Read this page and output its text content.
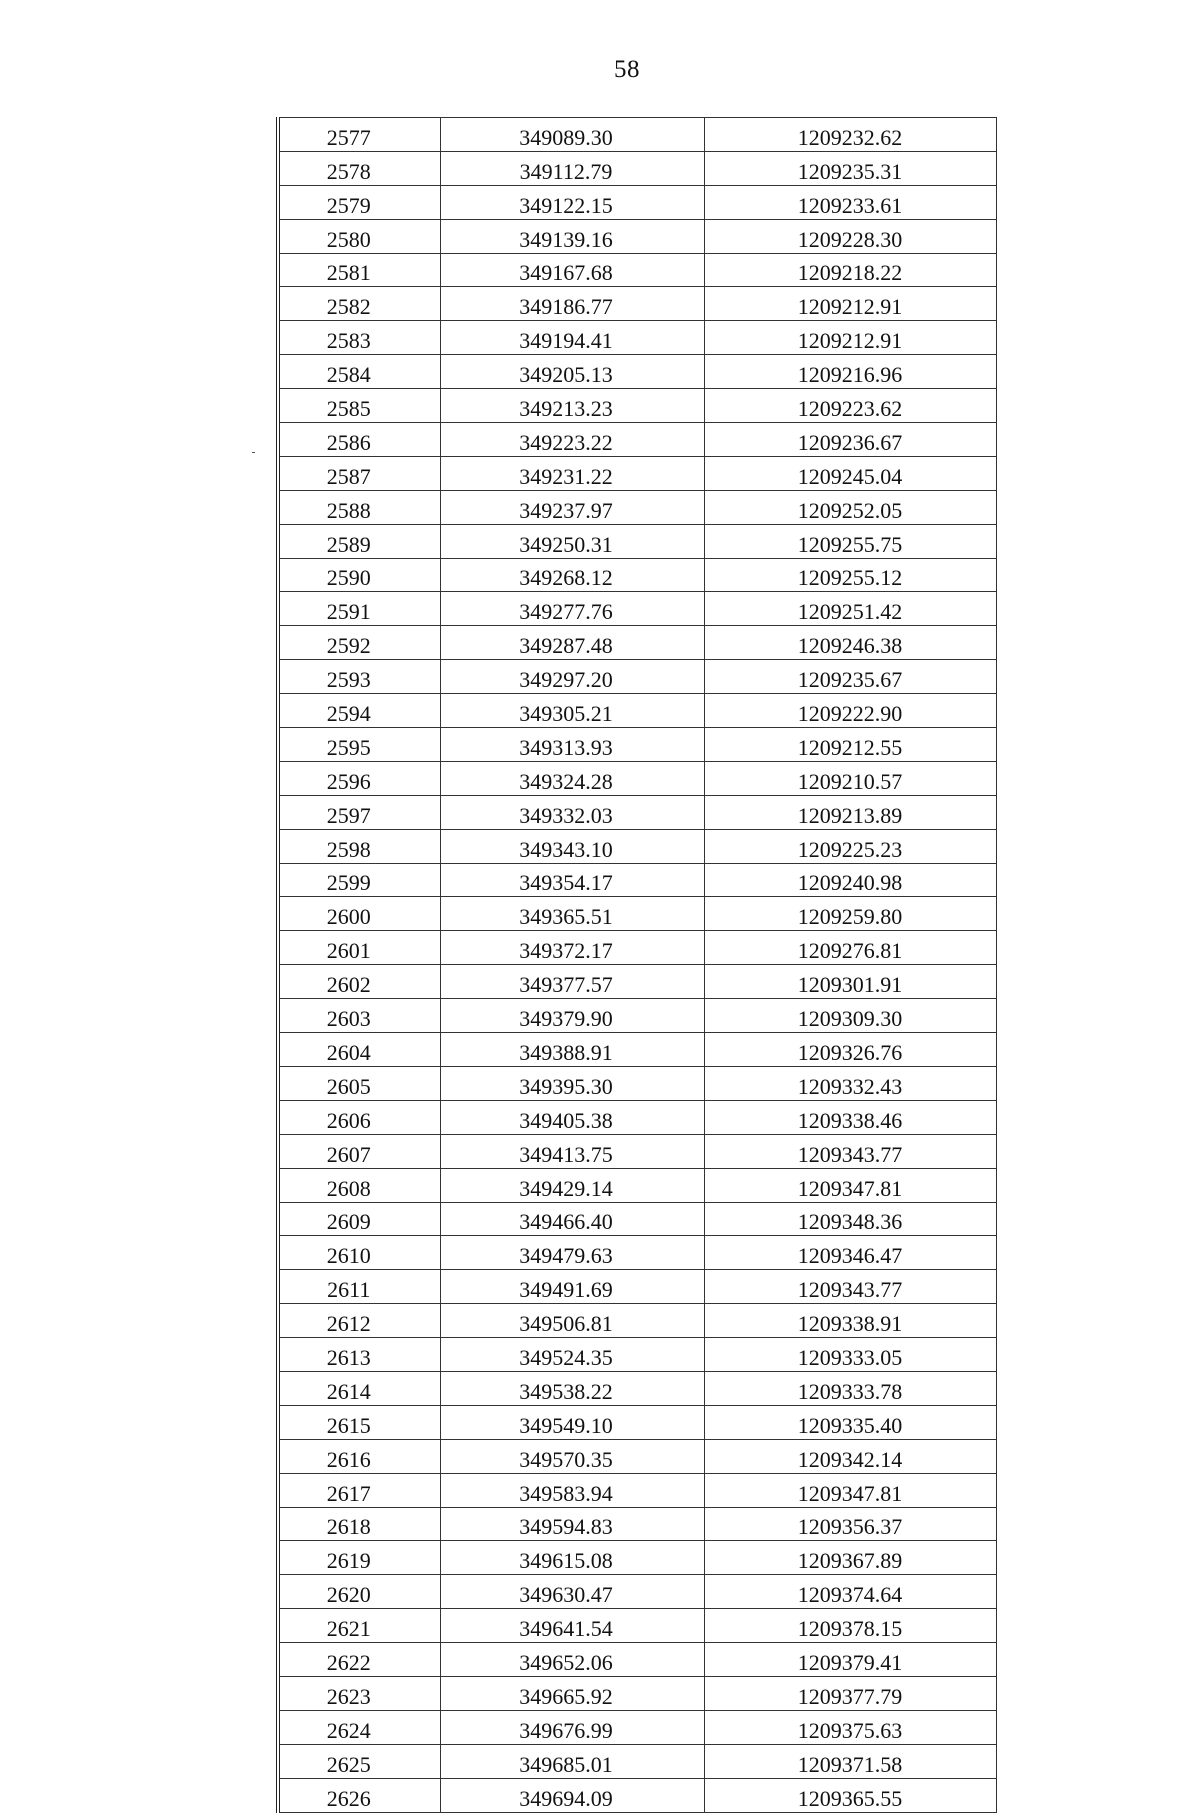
58
2577	349089.30	1209232.62
2578	349112.79	1209235.31
2579	349122.15	1209233.61
2580	349139.16	1209228.30
2581	349167.68	1209218.22
2582	349186.77	1209212.91
2583	349194.41	1209212.91
2584	349205.13	1209216.96
2585	349213.23	1209223.62
2586	349223.22	1209236.67
2587	349231.22	1209245.04
2588	349237.97	1209252.05
2589	349250.31	1209255.75
2590	349268.12	1209255.12
2591	349277.76	1209251.42
2592	349287.48	1209246.38
2593	349297.20	1209235.67
2594	349305.21	1209222.90
2595	349313.93	1209212.55
2596	349324.28	1209210.57
2597	349332.03	1209213.89
2598	349343.10	1209225.23
2599	349354.17	1209240.98
2600	349365.51	1209259.80
2601	349372.17	1209276.81
2602	349377.57	1209301.91
2603	349379.90	1209309.30
2604	349388.91	1209326.76
2605	349395.30	1209332.43
2606	349405.38	1209338.46
2607	349413.75	1209343.77
2608	349429.14	1209347.81
2609	349466.40	1209348.36
2610	349479.63	1209346.47
2611	349491.69	1209343.77
2612	349506.81	1209338.91
2613	349524.35	1209333.05
2614	349538.22	1209333.78
2615	349549.10	1209335.40
2616	349570.35	1209342.14
2617	349583.94	1209347.81
2618	349594.83	1209356.37
2619	349615.08	1209367.89
2620	349630.47	1209374.64
2621	349641.54	1209378.15
2622	349652.06	1209379.41
2623	349665.92	1209377.79
2624	349676.99	1209375.63
2625	349685.01	1209371.58
2626	349694.09	1209365.55
